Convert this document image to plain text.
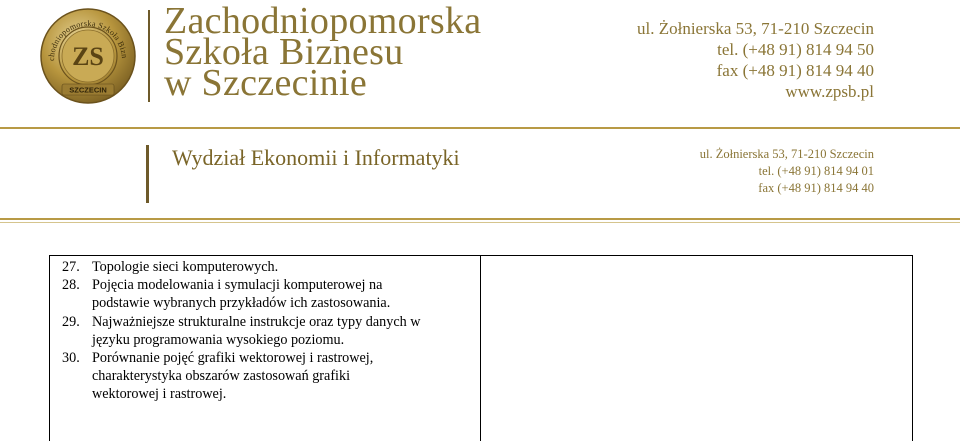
chodniopomorska Szkoła Bizn
SZCZECIN
ZS
Zachodniopomorska
Szkoła Biznesu
w Szczecinie
ul. Żołnierska 53, 71-210 Szczecin
tel. (+48 91) 814 94 50
fax (+48 91) 814 94 40
www.zpsb.pl
Wydział Ekonomii i Informatyki	ul. Żołnierska 53, 71-210 Szczecin
tel. (+48 91) 814 94 01
fax (+48 91) 814 94 40
27. Topologie sieci komputerowych.
28. Pojęcia modelowania i symulacji komputerowej na
podstawie wybranych przykładów ich zastosowania.
29. Najważniejsze strukturalne instrukcje oraz typy danych w
języku programowania wysokiego poziomu.
30. Porównanie pojęć grafiki wektorowej i rastrowej,
charakterystyka obszarów zastosowań grafiki
wektorowej i rastrowej.
